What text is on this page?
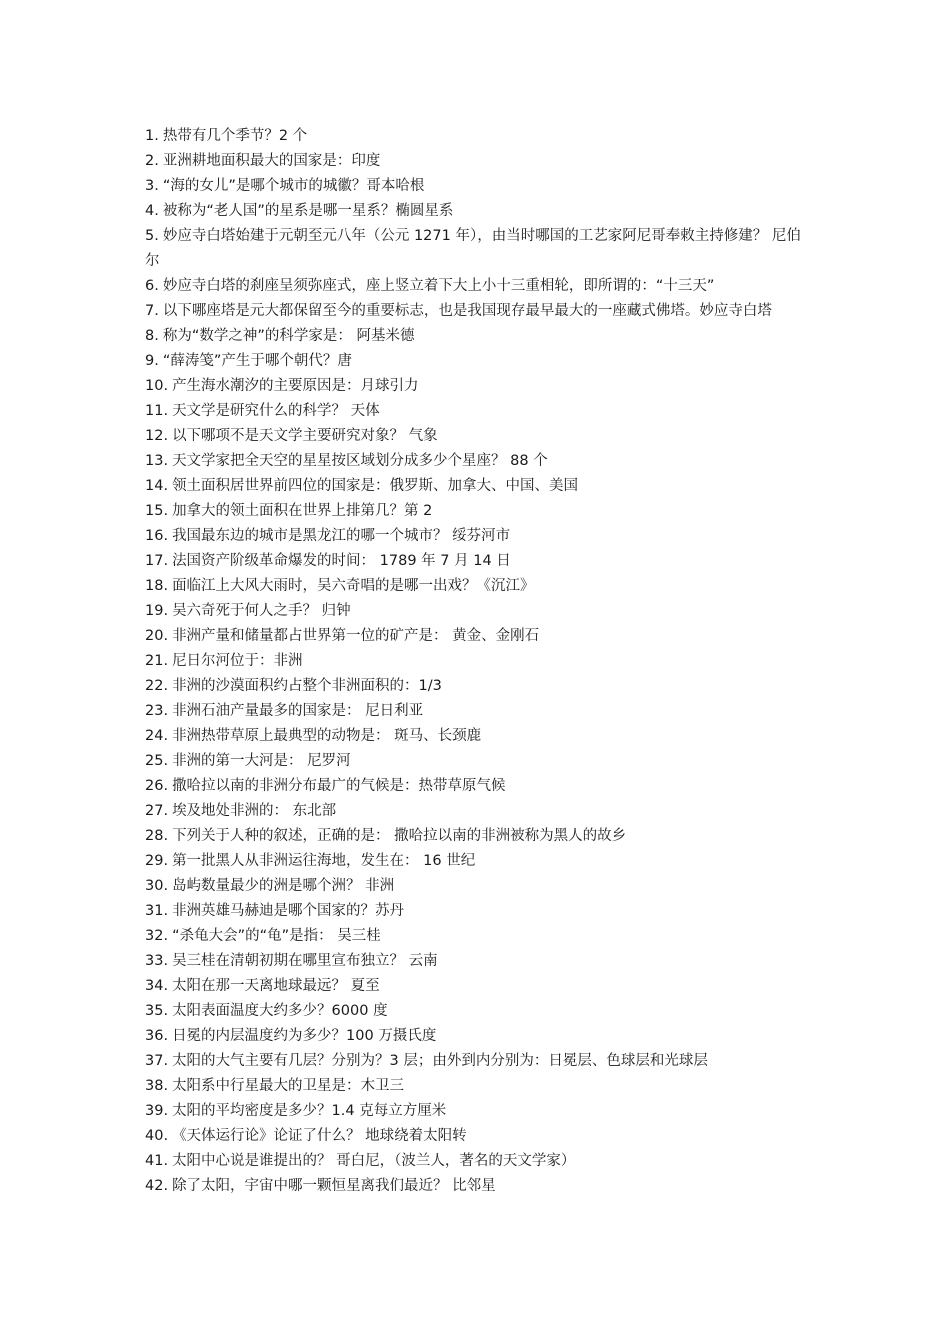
1. 热带有几个季节？2 个
2. 亚洲耕地面积最大的国家是：印度
3. “海的女儿”是哪个城市的城徽？哥本哈根
4. 被称为“老人国”的星系是哪一星系？椭圆星系
5. 妙应寺白塔始建于元朝至元八年（公元 1271 年），由当时哪国的工艺家阿尼哥奉敕主持修建？ 尼伯尔
6. 妙应寺白塔的刹座呈须弥座式，座上竖立着下大上小十三重相轮，即所谓的：“十三天”
7. 以下哪座塔是元大都保留至今的重要标志，也是我国现存最早最大的一座藏式佛塔。妙应寺白塔
8. 称为“数学之神”的科学家是： 阿基米德
9. “薛涛笺”产生于哪个朝代？唐
10. 产生海水潮汐的主要原因是：月球引力
11. 天文学是研究什么的科学？ 天体
12. 以下哪项不是天文学主要研究对象？ 气象
13. 天文学家把全天空的星星按区域划分成多少个星座？ 88 个
14. 领土面积居世界前四位的国家是：俄罗斯、加拿大、中国、美国
15. 加拿大的领土面积在世界上排第几？第 2
16. 我国最东边的城市是黑龙江的哪一个城市？ 绥芬河市
17. 法国资产阶级革命爆发的时间： 1789 年 7 月 14 日
18. 面临江上大风大雨时，吴六奇唱的是哪一出戏？《沉江》
19. 吴六奇死于何人之手？ 归钟
20. 非洲产量和储量都占世界第一位的矿产是： 黄金、金刚石
21. 尼日尔河位于：非洲
22. 非洲的沙漠面积约占整个非洲面积的：1/3
23. 非洲石油产量最多的国家是： 尼日利亚
24. 非洲热带草原上最典型的动物是： 斑马、长颈鹿
25. 非洲的第一大河是： 尼罗河
26. 撒哈拉以南的非洲分布最广的气候是：热带草原气候
27. 埃及地处非洲的： 东北部
28. 下列关于人种的叙述，正确的是： 撒哈拉以南的非洲被称为黑人的故乡
29. 第一批黑人从非洲运往海地，发生在： 16 世纪
30. 岛屿数量最少的洲是哪个洲？ 非洲
31. 非洲英雄马赫迪是哪个国家的？苏丹
32. “杀龟大会”的“龟”是指： 吴三桂
33. 吴三桂在清朝初期在哪里宣布独立？ 云南
34. 太阳在那一天离地球最远？ 夏至
35. 太阳表面温度大约多少？6000 度
36. 日冕的内层温度约为多少？100 万摄氏度
37. 太阳的大气主要有几层？分别为？3 层；由外到内分别为：日冕层、色球层和光球层
38. 太阳系中行星最大的卫星是：木卫三
39. 太阳的平均密度是多少？1.4 克每立方厘米
40. 《天体运行论》论证了什么？ 地球绕着太阳转
41. 太阳中心说是谁提出的？ 哥白尼，（波兰人，著名的天文学家）
42. 除了太阳，宇宙中哪一颗恒星离我们最近？ 比邻星
